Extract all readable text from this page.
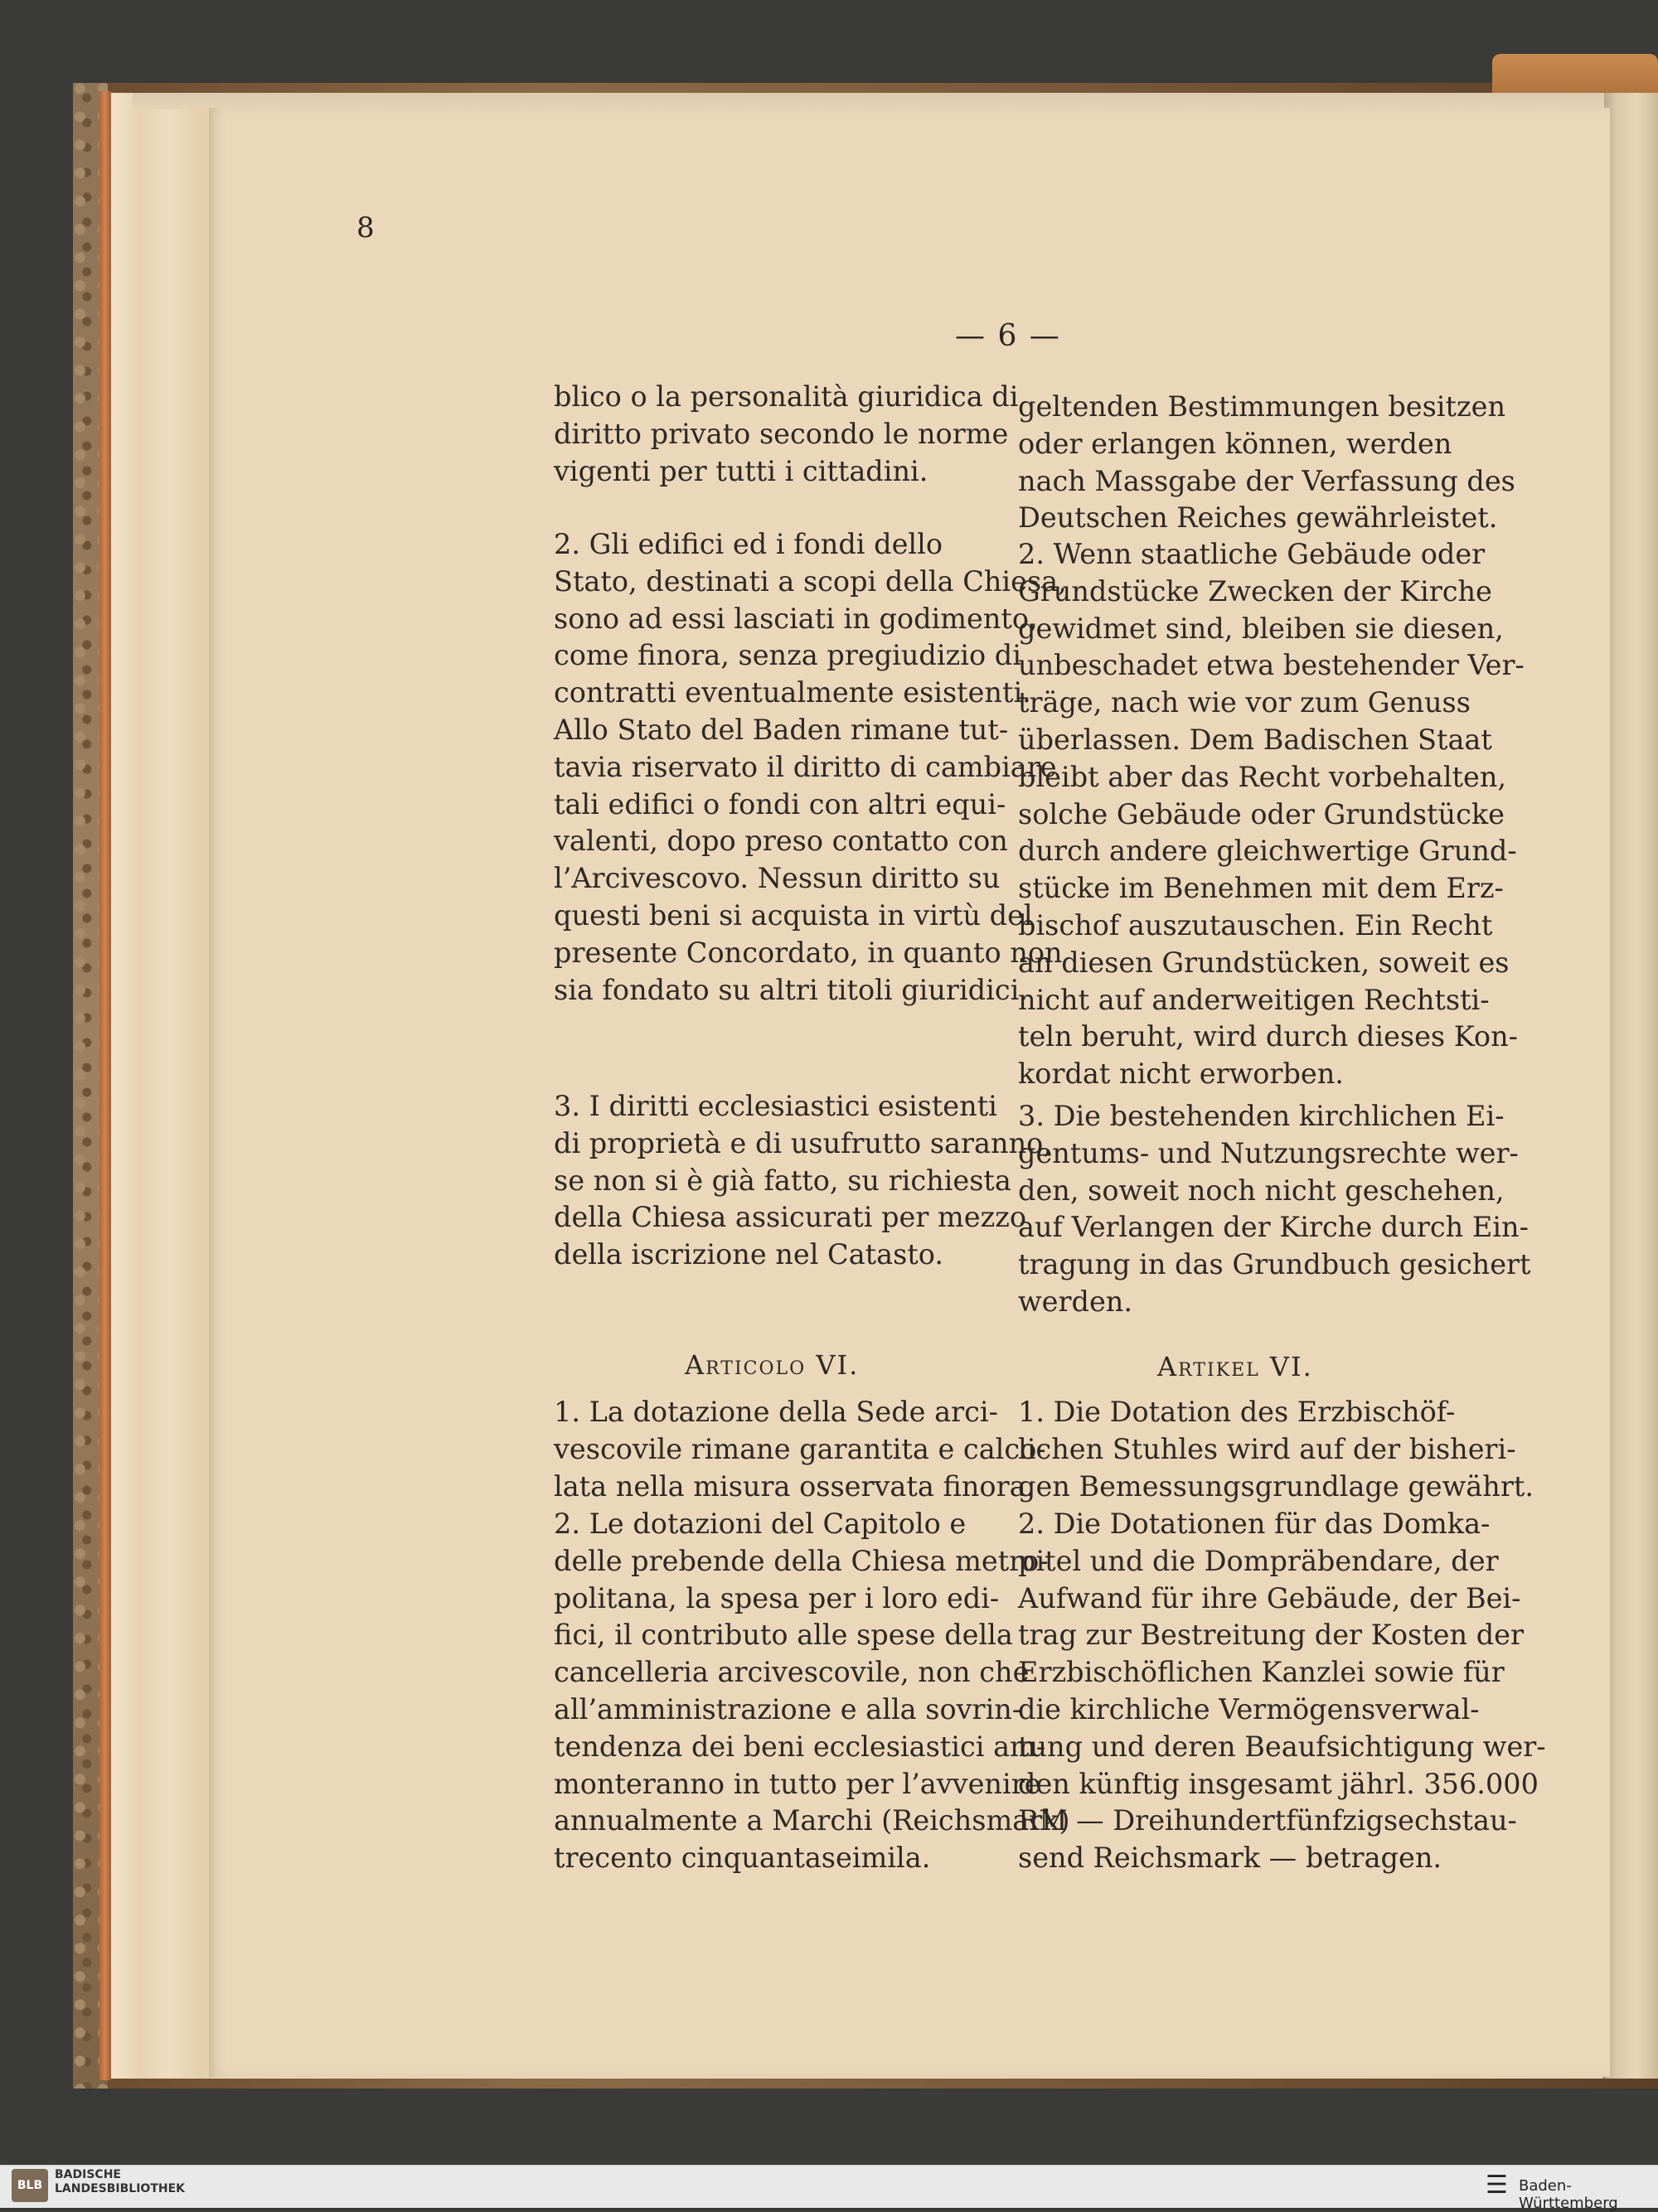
8
— 6 —

blico o la personalità giuridica di
diritto privato secondo le norme
vigenti per tutti i cittadini.

2. Gli edifici ed i fondi dello
Stato, destinati a scopi della Chiesa,
sono ad essi lasciati in godimento,
come finora, senza pregiudizio di
contratti eventualmente esistenti.
Allo Stato del Baden rimane tut-
tavia riservato il diritto di cambiare
tali edifici o fondi con altri equi-
valenti, dopo preso contatto con
l’Arcivescovo. Nessun diritto su
questi beni si acquista in virtù del
presente Concordato, in quanto non
sia fondato su altri titoli giuridici.

3. I diritti ecclesiastici esistenti
di proprietà e di usufrutto saranno,
se non si è già fatto, su richiesta
della Chiesa assicurati per mezzo
della iscrizione nel Catasto.

Articolo VI.

1. La dotazione della Sede arci-
vescovile rimane garantita e calco-
lata nella misura osservata finora.

2. Le dotazioni del Capitolo e
delle prebende della Chiesa metro-
politana, la spesa per i loro edi-
fici, il contributo alle spese della
cancelleria arcivescovile, non che
all’amministrazione e alla sovrin-
tendenza dei beni ecclesiastici am-
monteranno in tutto per l’avvenire
annualmente a Marchi (Reichsmark)
trecento cinquantaseimila.

geltenden Bestimmungen besitzen
oder erlangen können, werden
nach Massgabe der Verfassung des
Deutschen Reiches gewährleistet.

2. Wenn staatliche Gebäude oder
Grundstücke Zwecken der Kirche
gewidmet sind, bleiben sie diesen,
unbeschadet etwa bestehender Ver-
träge, nach wie vor zum Genuss
überlassen. Dem Badischen Staat
bleibt aber das Recht vorbehalten,
solche Gebäude oder Grundstücke
durch andere gleichwertige Grund-
stücke im Benehmen mit dem Erz-
bischof auszutauschen. Ein Recht
an diesen Grundstücken, soweit es
nicht auf anderweitigen Rechtsti-
teln beruht, wird durch dieses Kon-
kordat nicht erworben.

3. Die bestehenden kirchlichen Ei-
gentums- und Nutzungsrechte wer-
den, soweit noch nicht geschehen,
auf Verlangen der Kirche durch Ein-
tragung in das Grundbuch gesichert
werden.

Artikel VI.

1. Die Dotation des Erzbischöf-
lichen Stuhles wird auf der bisheri-
gen Bemessungsgrundlage gewährt.

2. Die Dotationen für das Domka-
pitel und die Dompräbendare, der
Aufwand für ihre Gebäude, der Bei-
trag zur Bestreitung der Kosten der
Erzbischöflichen Kanzlei sowie für
die kirchliche Vermögensverwal-
tung und deren Beaufsichtigung wer-
den künftig insgesamt jährl. 356.000
RM — Dreihundertfünfzigsechstau-
send Reichsmark — betragen.

BLB
BADISCHE
LANDESBIBLIOTHEK	☰ Baden-Württemberg
